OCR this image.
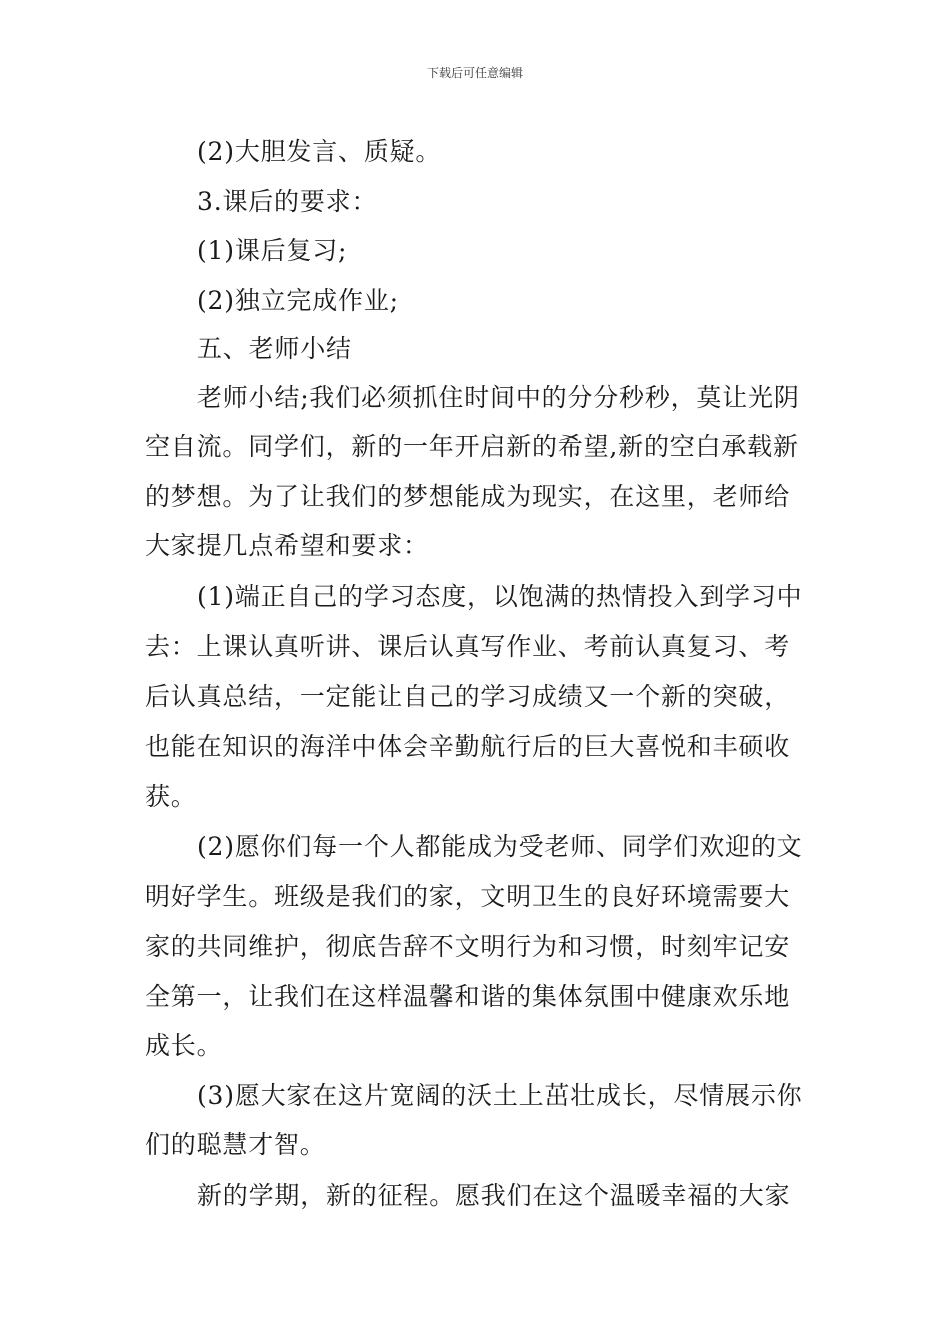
下载后可任意编辑
(2)大胆发言、质疑。
3.课后的要求：
(1)课后复习;
(2)独立完成作业;
五、老师小结
老师小结;我们必须抓住时间中的分分秒秒，莫让光阴
空自流。同学们，新的一年开启新的希望,新的空白承载新
的梦想。为了让我们的梦想能成为现实，在这里，老师给
大家提几点希望和要求：
(1)端正自己的学习态度，以饱满的热情投入到学习中
去：上课认真听讲、课后认真写作业、考前认真复习、考
后认真总结，一定能让自己的学习成绩又一个新的突破，
也能在知识的海洋中体会辛勤航行后的巨大喜悦和丰硕收
获。
(2)愿你们每一个人都能成为受老师、同学们欢迎的文
明好学生。班级是我们的家，文明卫生的良好环境需要大
家的共同维护，彻底告辞不文明行为和习惯，时刻牢记安
全第一，让我们在这样温馨和谐的集体氛围中健康欢乐地
成长。
(3)愿大家在这片宽阔的沃土上茁壮成长，尽情展示你
们的聪慧才智。
新的学期，新的征程。愿我们在这个温暖幸福的大家
